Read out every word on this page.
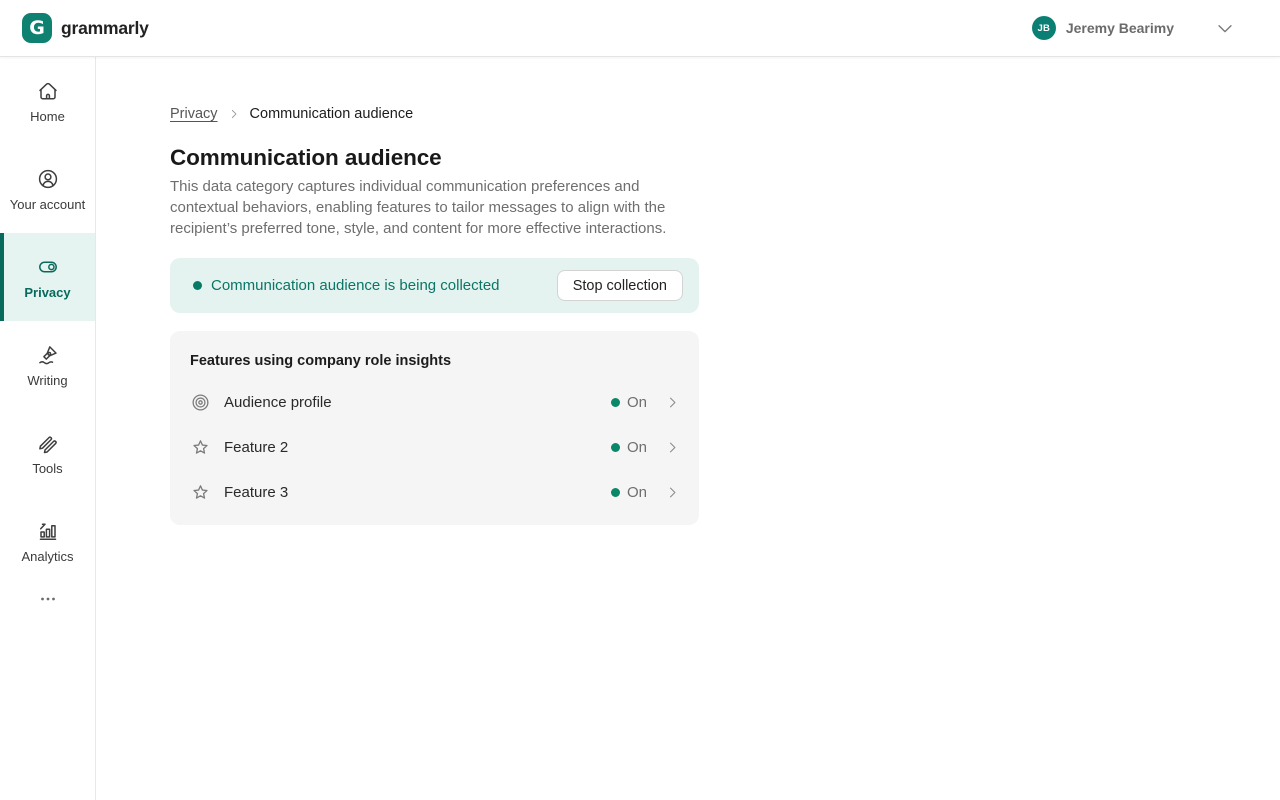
G grammarly	JB	Jeremy Bearimy
Home
Your account
Privacy
Writing
Tools
Analytics
Privacy Communication audience
Communication audience
This data category captures individual communication preferences and contextual behaviors, enabling features to tailor messages to align with the recipient’s preferred tone, style, and content for more effective interactions.
Communication audience is being collected	Stop collection
Features using company role insights
Audience profile	On
Feature 2	On
Feature 3	On
